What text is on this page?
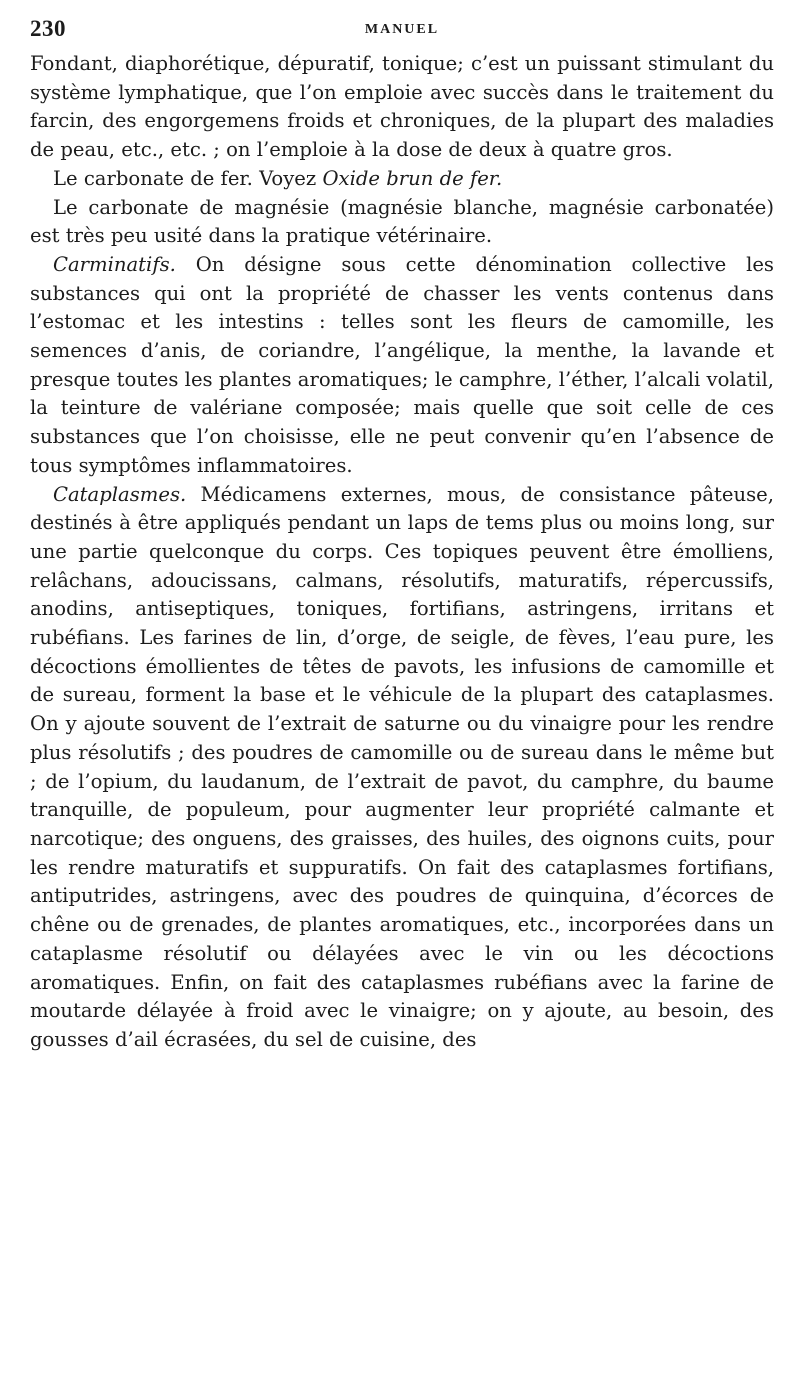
230	MANUEL

Fondant, diaphorétique, dépuratif, tonique; c’est un puissant stimulant du système lymphatique, que l’on emploie avec succès dans le traitement du farcin, des engorgemens froids et chroniques, de la plupart des maladies de peau, etc., etc. ; on l’emploie à la dose de deux à quatre gros.

Le carbonate de fer. Voyez Oxide brun de fer.

Le carbonate de magnésie (magnésie blanche, magnésie carbonatée) est très peu usité dans la pratique vétérinaire.

Carminatifs. On désigne sous cette dénomination collective les substances qui ont la propriété de chasser les vents contenus dans l’estomac et les intestins : telles sont les fleurs de camomille, les semences d’anis, de coriandre, l’angélique, la menthe, la lavande et presque toutes les plantes aromatiques; le camphre, l’éther, l’alcali volatil, la teinture de valériane composée; mais quelle que soit celle de ces substances que l’on choisisse, elle ne peut convenir qu’en l’absence de tous symptômes inflammatoires.

Cataplasmes. Médicamens externes, mous, de consistance pâteuse, destinés à être appliqués pendant un laps de tems plus ou moins long, sur une partie quelconque du corps. Ces topiques peuvent être émolliens, relâchans, adoucissans, calmans, résolutifs, maturatifs, répercussifs, anodins, antiseptiques, toniques, fortifians, astringens, irritans et rubéfians. Les farines de lin, d’orge, de seigle, de fèves, l’eau pure, les décoctions émollientes de têtes de pavots, les infusions de camomille et de sureau, forment la base et le véhicule de la plupart des cataplasmes. On y ajoute souvent de l’extrait de saturne ou du vinaigre pour les rendre plus résolutifs ; des poudres de camomille ou de sureau dans le même but ; de l’opium, du laudanum, de l’extrait de pavot, du camphre, du baume tranquille, de populeum, pour augmenter leur propriété calmante et narcotique; des onguens, des graisses, des huiles, des oignons cuits, pour les rendre maturatifs et suppuratifs. On fait des cataplasmes fortifians, antiputrides, astringens, avec des poudres de quinquina, d’écorces de chêne ou de grenades, de plantes aromatiques, etc., incorporées dans un cataplasme résolutif ou délayées avec le vin ou les décoctions aromatiques. Enfin, on fait des cataplasmes rubéfians avec la farine de moutarde délayée à froid avec le vinaigre; on y ajoute, au besoin, des gousses d’ail écrasées, du sel de cuisine, des
